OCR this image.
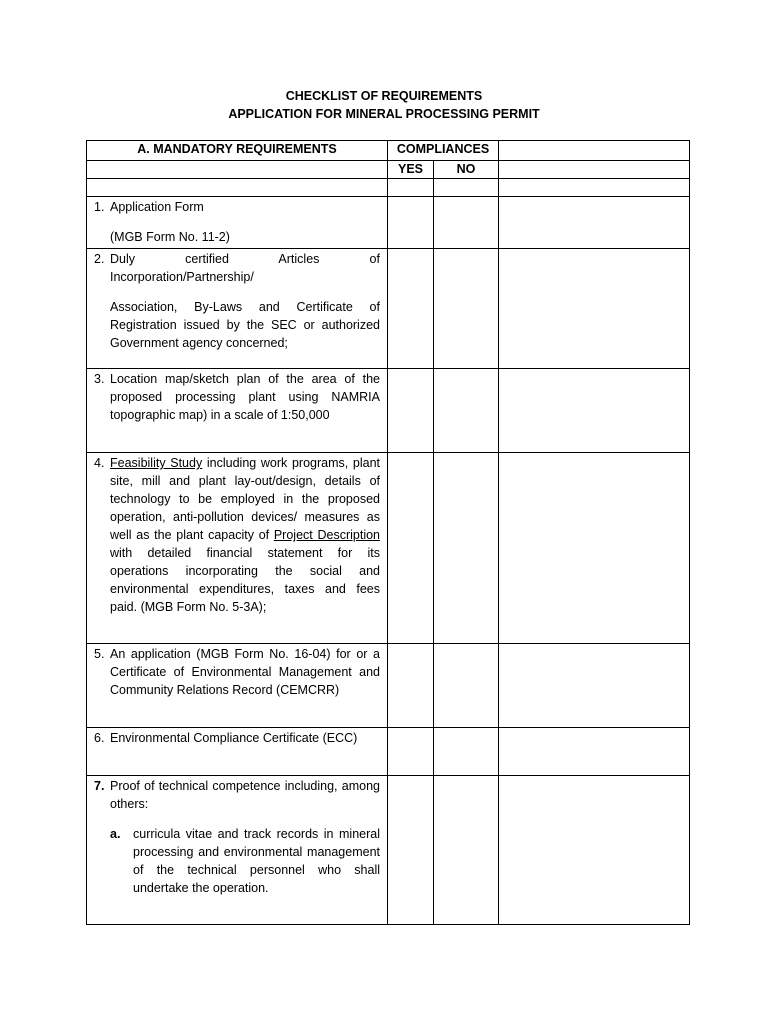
CHECKLIST OF REQUIREMENTS
APPLICATION FOR MINERAL PROCESSING PERMIT
A. MANDATORY REQUIREMENTS	COMPLIANCES		
	YES	NO	

1. Application Form

(MGB Form No. 11-2)			

2. Duly certified Articles of Incorporation/Partnership/

Association, By-Laws and Certificate of Registration issued by the SEC or authorized Government agency concerned;			

3. Location map/sketch plan of the area of the proposed processing plant using NAMRIA topographic map) in a scale of 1:50,000			

4. Feasibility Study including work programs, plant site, mill and plant lay-out/design, details of technology to be employed in the proposed operation, anti-pollution devices/ measures as well as the plant capacity of Project Description with detailed financial statement for its operations incorporating the social and environmental expenditures, taxes and fees paid. (MGB Form No. 5-3A);			

5. An application (MGB Form No. 16-04) for or a Certificate of Environmental Management and Community Relations Record (CEMCRR)			

6. Environmental Compliance Certificate (ECC)			

7. Proof of technical competence including, among others:
a. curricula vitae and track records in mineral processing and environmental management of the technical personnel who shall undertake the operation.			
